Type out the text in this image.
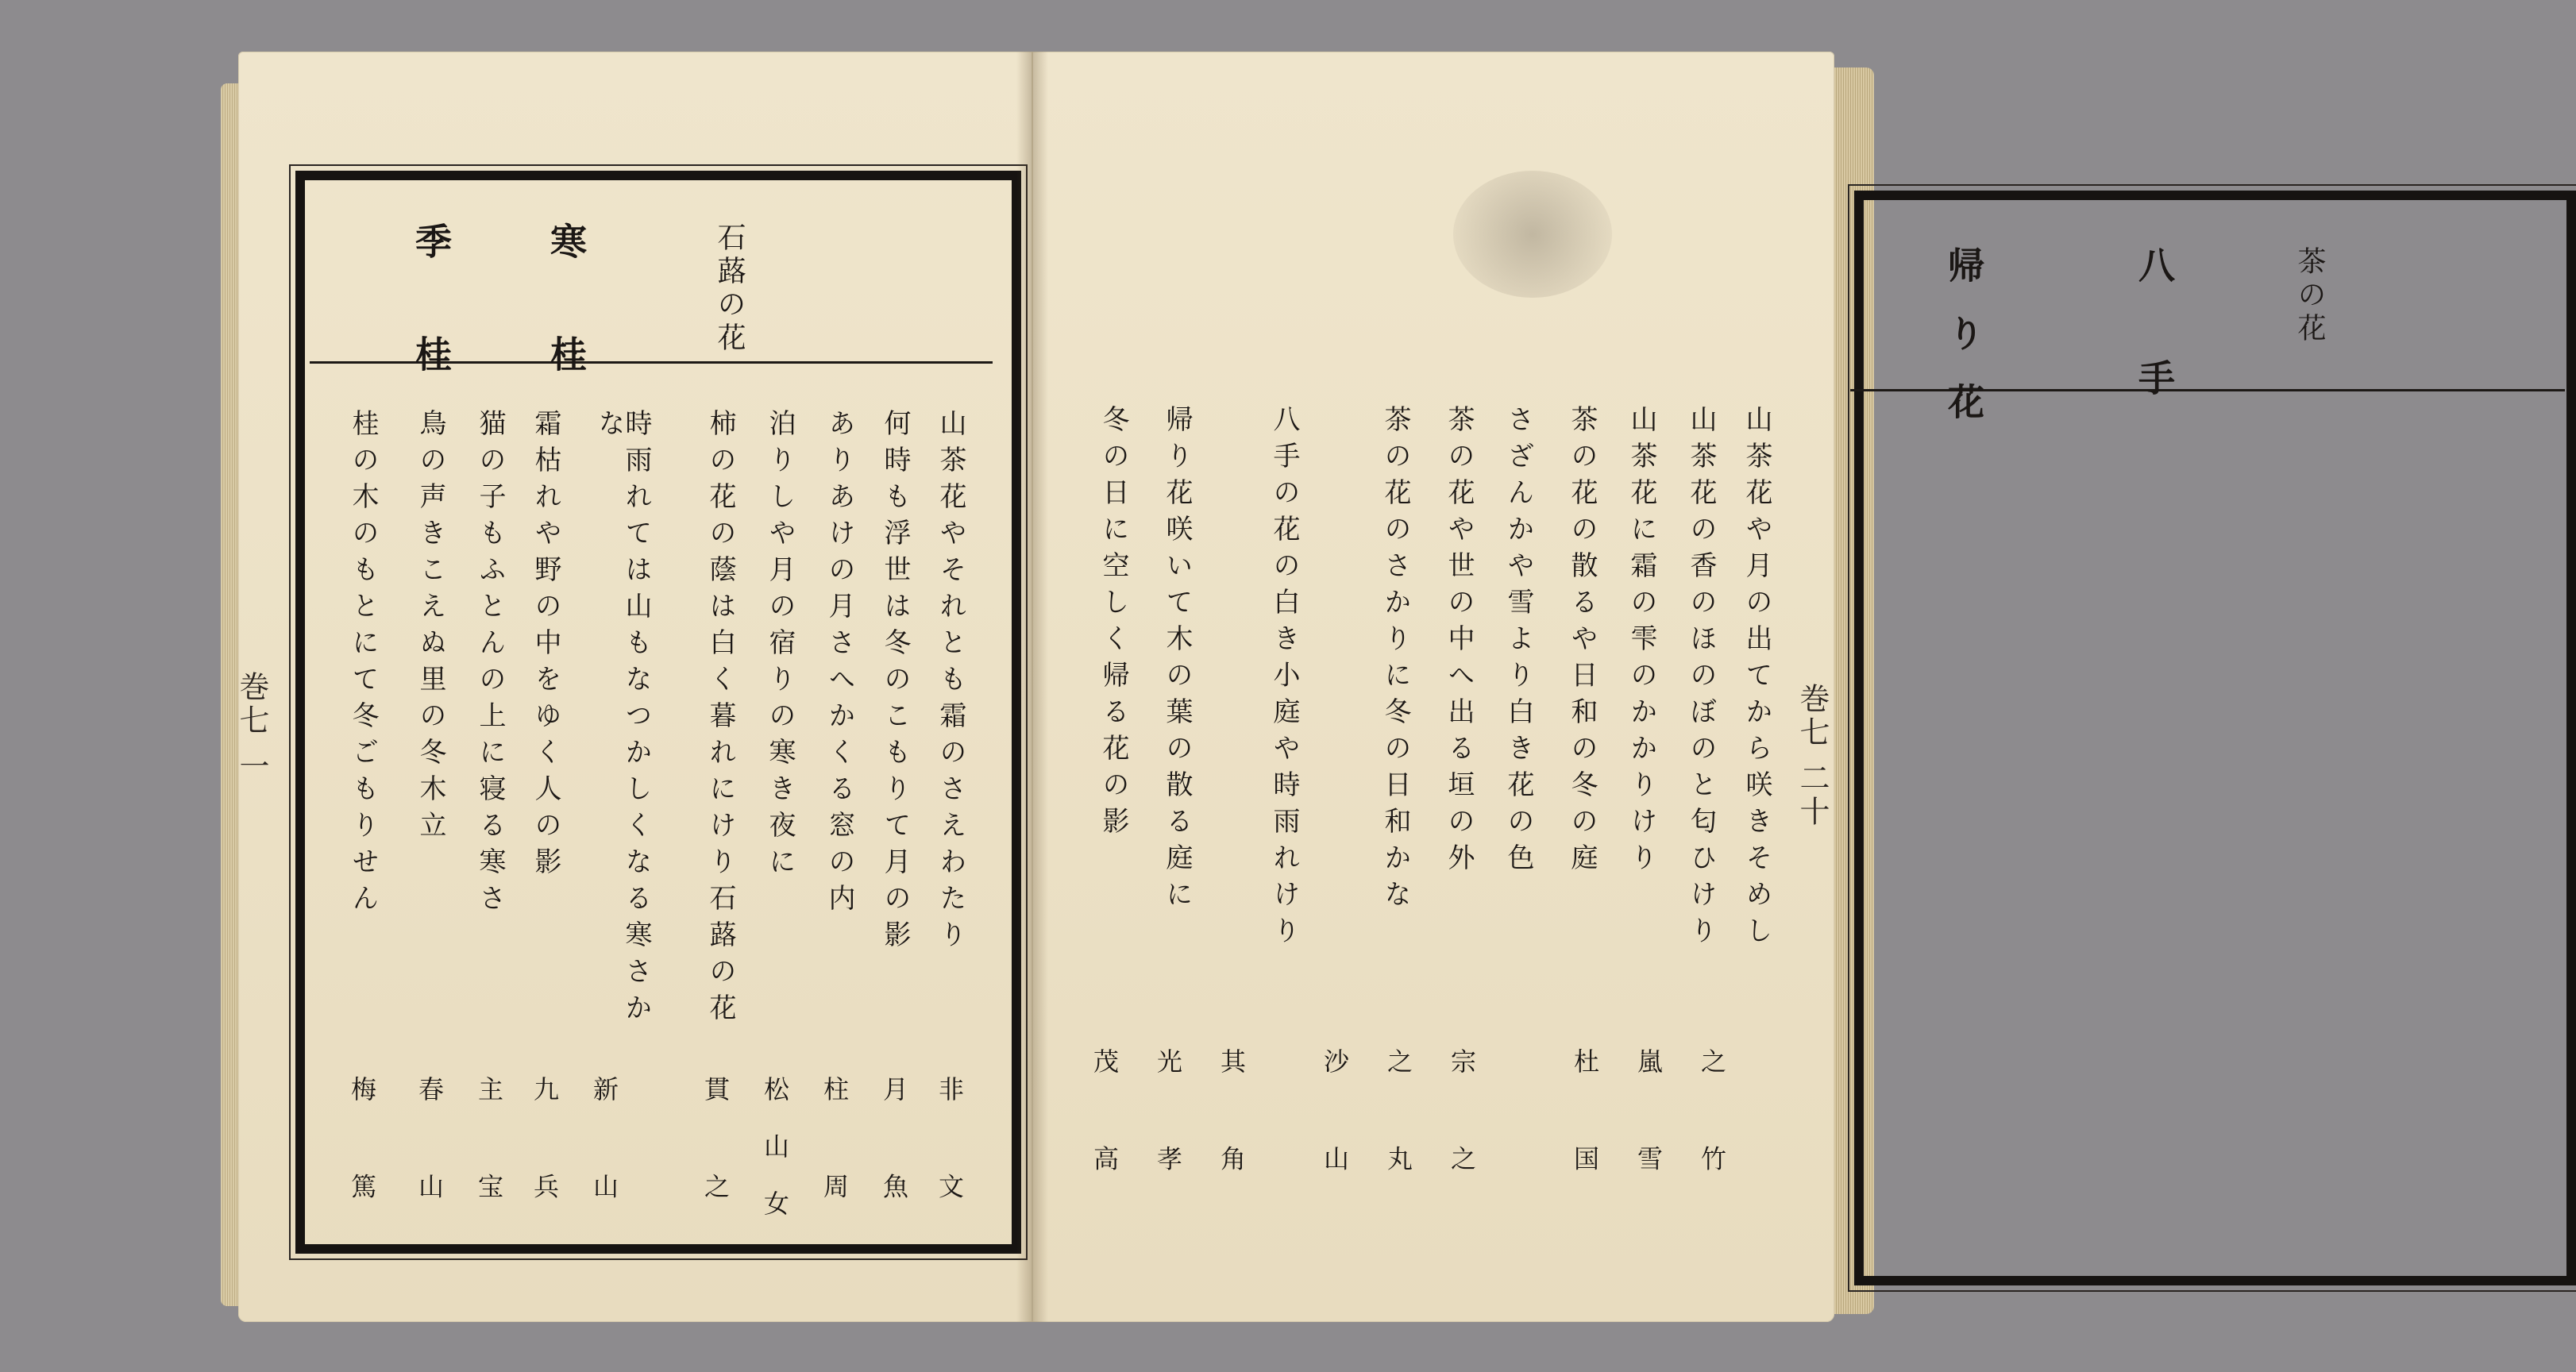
石蕗の花
寒 桂
季 桂
山茶花やそれとも霜のさえわたり
何時も浮世は冬のこもりて月の影
ありあけの月さへかくる窓の内
泊りしや月の宿りの寒き夜に
柿の花の蔭は白く暮れにけり石蕗の花
時雨れては山もなつかしくなる寒さかな
霜枯れや野の中をゆく人の影
猫の子もふとんの上に寝る寒さ
鳥の声きこえぬ里の冬木立
桂の木のもとにて冬ごもりせん
非 文
月 魚
柱 周
松山女
貫 之
新 山
九 兵
主 宝
春 山
梅 篤
巻七 一
茶の花
八 手
帰り花
山茶花や月の出てから咲きそめし
山茶花の香のほのぼのと匂ひけり
山茶花に霜の雫のかかりけり
茶の花の散るや日和の冬の庭
さざんかや雪より白き花の色
茶の花や世の中へ出る垣の外
茶の花のさかりに冬の日和かな
八手の花の白き小庭や時雨れけり
帰り花咲いて木の葉の散る庭に
冬の日に空しく帰る花の影
之 竹
嵐 雪
杜 国
宗 之
之 丸
沙 山
其 角
光 孝
茂 高
巻七 二十
